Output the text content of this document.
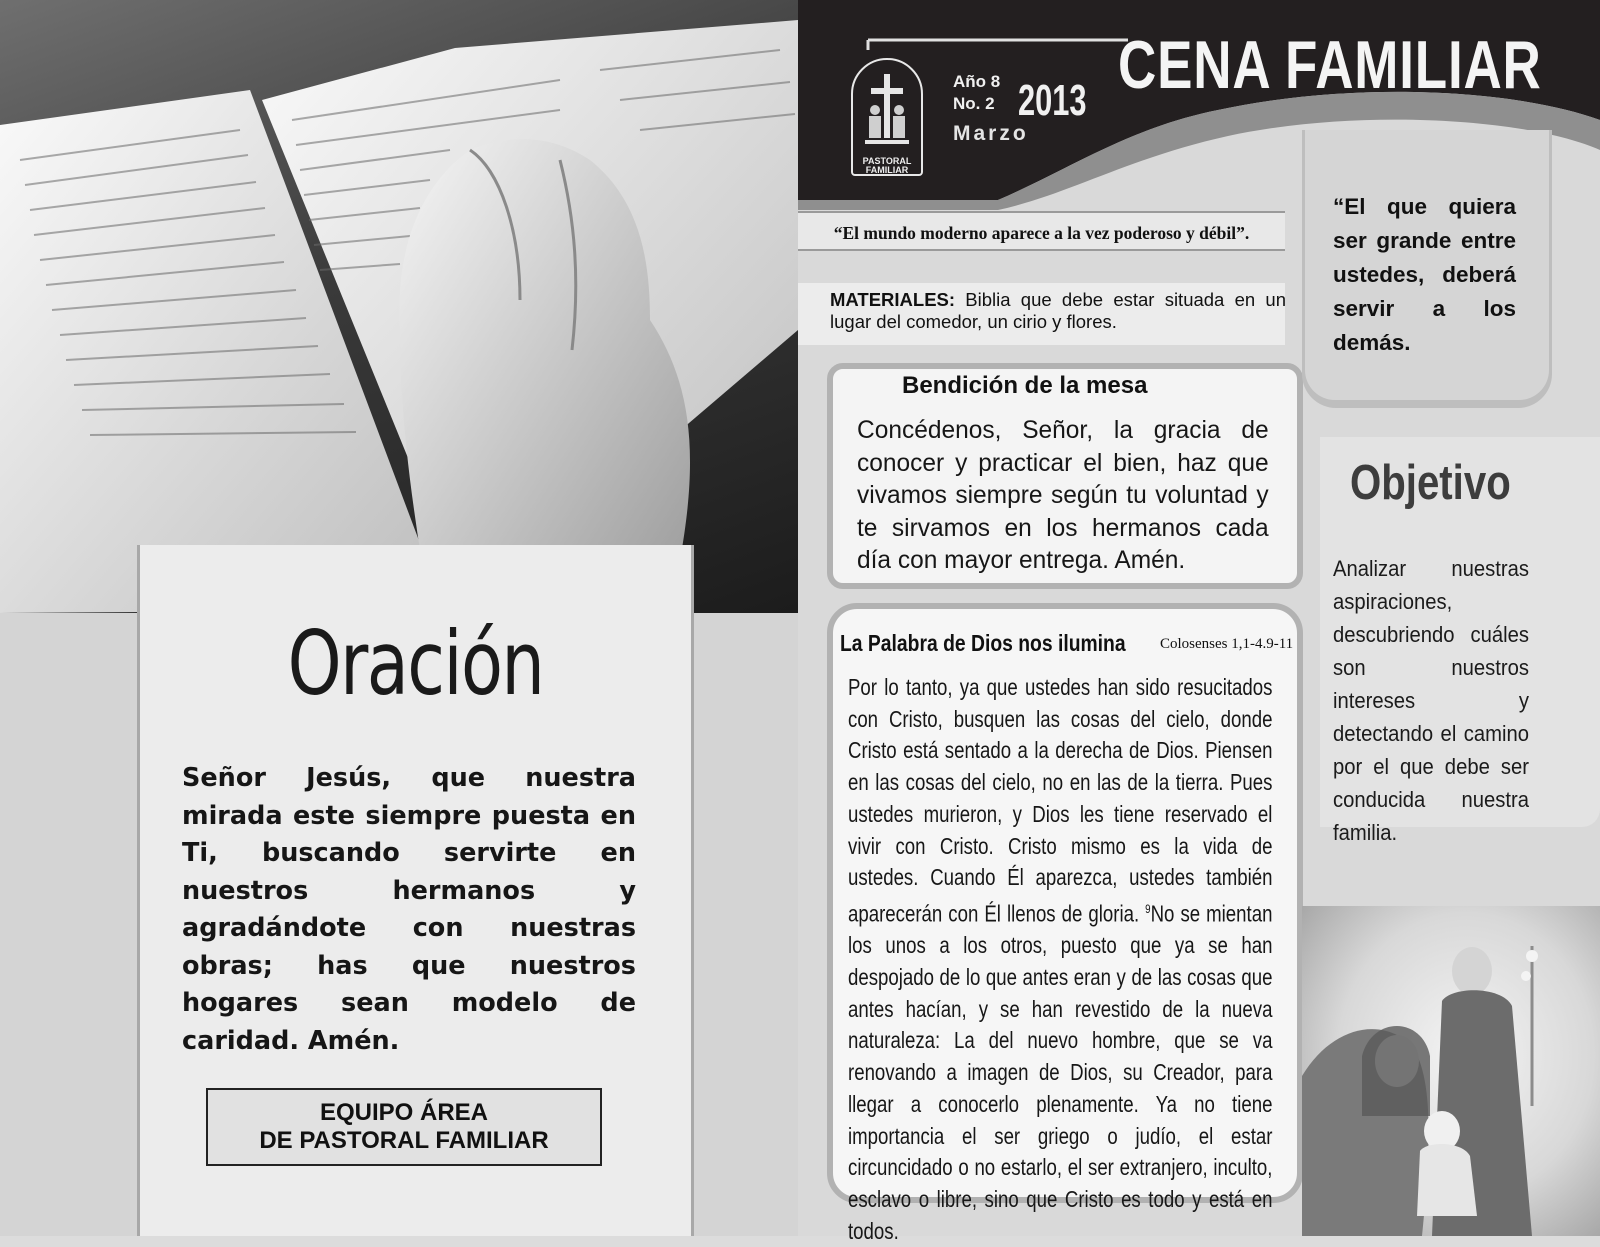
Oración
Señor Jesús, que nuestra mirada este siempre puesta en Ti, buscando servirte en nuestros hermanos y agradándote con nuestras obras; has que nuestros hogares sean modelo de caridad. Amén.
EQUIPO ÁREA
DE PASTORAL FAMILIAR
PASTORAL
FAMILIAR
Año 8
No. 2 2013
Marzo
CENA FAMILIAR
“El mundo moderno aparece a la vez poderoso y débil”.
MATERIALES: Biblia que debe estar situada en un lugar del comedor, un cirio y flores.
Bendición de la mesa
Concédenos, Señor, la gracia de conocer y practicar el bien, haz que vivamos siempre según tu voluntad y te sirvamos en los hermanos cada día con mayor entrega. Amén.
La Palabra de Dios nos ilumina Colosenses 1,1-4.9-11
Por lo tanto, ya que ustedes han sido resucitados con Cristo, busquen las cosas del cielo, donde Cristo está sentado a la derecha de Dios. Piensen en las cosas del cielo, no en las de la tierra. Pues ustedes murieron, y Dios les tiene reservado el vivir con Cristo. Cristo mismo es la vida de ustedes. Cuando Él aparezca, ustedes también aparecerán con Él llenos de gloria. $^9$No se mientan los unos a los otros, puesto que ya se han despojado de lo que antes eran y de las cosas que antes hacían, y se han revestido de la nueva naturaleza: La del nuevo hombre, que se va renovando a imagen de Dios, su Creador, para llegar a conocerlo plenamente. Ya no tiene importancia el ser griego o judío, el estar circuncidado o no estarlo, el ser extranjero, inculto, esclavo o libre, sino que Cristo es todo y está en todos.
“El que quiera ser grande entre ustedes, deberá servir a los demás.
Objetivo
Analizar nuestras aspiraciones, descubriendo cuáles son nuestros intereses y detectando el camino por el que debe ser conducida nuestra familia.
